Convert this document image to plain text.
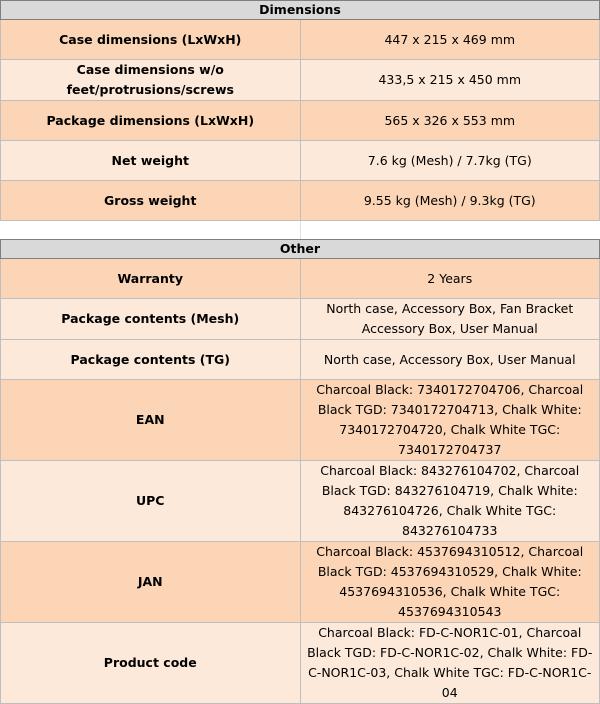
Dimensions	
Case dimensions (LxWxH)	447 x 215 x 469 mm
Case dimensions w/o feet/protrusions/screws	433,5 x 215 x 450 mm
Package dimensions (LxWxH)	565 x 326 x 553 mm
Net weight	7.6 kg (Mesh) / 7.7kg (TG)
Gross weight	9.55 kg (Mesh) / 9.3kg (TG)

Other	
Warranty	2 Years
Package contents (Mesh)	North case, Accessory Box, Fan Bracket Accessory Box, User Manual
Package contents (TG)	North case, Accessory Box, User Manual
EAN	Charcoal Black: 7340172704706, Charcoal Black TGD: 7340172704713, Chalk White: 7340172704720, Chalk White TGC: 7340172704737
UPC	Charcoal Black: 843276104702, Charcoal Black TGD: 843276104719, Chalk White: 843276104726, Chalk White TGC: 843276104733
JAN	Charcoal Black: 4537694310512, Charcoal Black TGD: 4537694310529, Chalk White: 4537694310536, Chalk White TGC: 4537694310543
Product code	Charcoal Black: FD-C-NOR1C-01, Charcoal Black TGD: FD-C-NOR1C-02, Chalk White: FD-C-NOR1C-03, Chalk White TGC: FD-C-NOR1C-04
